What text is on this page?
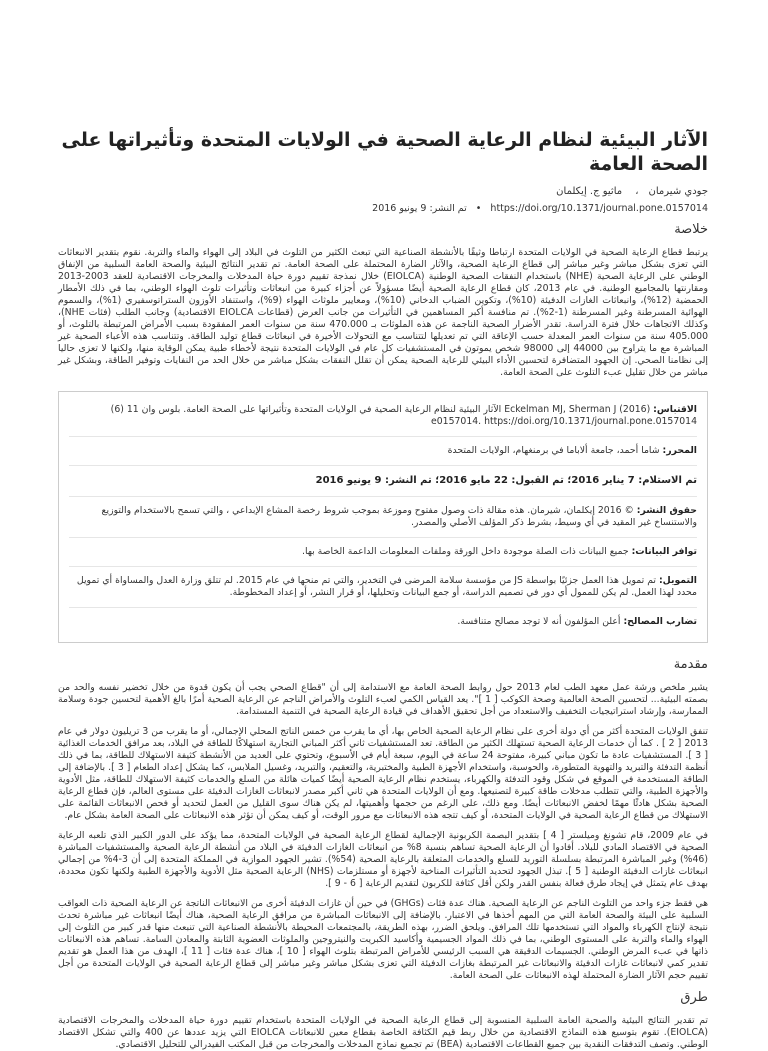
الآثار البيئية لنظام الرعاية الصحية في الولايات المتحدة وتأثيراتها على الصحة العامة
جودي شيرمان، ماثيو ج. إيكلمان
https://doi.org/10.1371/journal.pone.0157014 • تم النشر: 9 يونيو 2016
خلاصة

يرتبط قطاع الرعاية الصحية في الولايات المتحدة ارتباطا وثيقًا بالأنشطة الصناعية التي تبعث الكثير من التلوث في البلاد إلى الهواء والماء والتربة. نقوم بتقدير الانبعاثات التي تعزى بشكل مباشر وغير مباشر إلى قطاع الرعاية الصحية، والآثار الضارة المحتملة على الصحة العامة. تم تقدير النتائج البيئية والصحة العامة السلبية من الإنفاق الوطني على الرعاية الصحية (NHE) باستخدام النفقات الصحية الوطنية (EIOLCA) خلال نمذجة تقييم دورة حياة المدخلات والمخرجات الاقتصادية للعقد 2003-2013 ومقارنتها بالمجاميع الوطنية. في عام 2013، كان قطاع الرعاية الصحية أيضًا مسؤولاً عن أجزاء كبيرة من انبعاثات وتأثيرات تلوث الهواء الوطني، بما في ذلك الأمطار الحمضية (12%)، وانبعاثات الغازات الدفيئة (10%)، وتكوين الضباب الدخاني (10%)، ومعايير ملوثات الهواء (9%)، واستنفاد الأوزون الستراتوسفيري (1%)، والسموم الهوائية المسرطنة وغير المسرطنة (1-2%). تم منافسة أكبر المساهمين في التأثيرات من جانب العرض (قطاعات EIOLCA الاقتصادية) وجانب الطلب (فئات NHE)، وكذلك الاتجاهات خلال فترة الدراسة. تقدر الأضرار الصحية الناجمة عن هذه الملوثات بـ 470.000 سنة من سنوات العمر المفقودة بسبب الأمراض المرتبطة بالتلوث، أو 405.000 سنة من سنوات العمر المعدلة حسب الإعاقة التي تم تعديلها لتتناسب مع التحولات الأخيرة في انبعاثات قطاع توليد الطاقة. وتتناسب هذه الأعباء الصحية غير المباشرة مع ما يتراوح بين 44000 إلى 98000 شخص يموتون في المستشفيات كل عام في الولايات المتحدة نتيجة لأخطاء طبية يمكن الوقاية منها، ولكنها لا تعزى حاليا إلى نظامنا الصحي. إن الجهود المتضافرة لتحسين الأداء البيئي للرعاية الصحية يمكن أن تقلل النفقات بشكل مباشر من خلال الحد من النفايات وتوفير الطاقة، وبشكل غير مباشر من خلال تقليل عبء التلوث على الصحة العامة.

الاقتباس: Eckelman MJ, Sherman J (2016) الآثار البيئية لنظام الرعاية الصحية في الولايات المتحدة وتأثيراتها على الصحة العامة. بلوس وان 11 (6) e0157014. https://doi.org/10.1371/journal.pone.0157014
المحرر: شاما أحمد، جامعة ألاباما في برمنغهام، الولايات المتحدة
تم الاستلام: 7 يناير 2016؛ تم القبول: 22 مايو 2016؛ تم النشر: 9 يونيو 2016
حقوق النشر: © 2016 إيكلمان، شيرمان. هذه مقالة ذات وصول مفتوح وموزعة بموجب شروط رخصة المشاع الإبداعي ، والتي تسمح بالاستخدام والتوزيع والاستنساخ غير المقيد في أي وسيط، بشرط ذكر المؤلف الأصلي والمصدر.
توافر البيانات: جميع البيانات ذات الصلة موجودة داخل الورقة وملفات المعلومات الداعمة الخاصة بها.
التمويل: تم تمويل هذا العمل جزئيًا بواسطة JS من مؤسسة سلامة المرضى في التخدير، والتي تم منحها في عام 2015. لم تتلق وزارة العدل والمساواة أي تمويل محدد لهذا العمل. لم يكن للممول أي دور في تصميم الدراسة، أو جمع البيانات وتحليلها، أو قرار النشر، أو إعداد المخطوطة.
تضارب المصالح: أعلن المؤلفون أنه لا توجد مصالح متنافسة.
مقدمة

يشير ملخص ورشة عمل معهد الطب لعام 2013 حول روابط الصحة العامة مع الاستدامة إلى أن "قطاع الصحي يجب أن يكون قدوة من خلال تخضير نفسه والحد من بصمته البيئية... لتحسين الصحة العالمية وصحة الكوكب [ 1 ]". يعد القياس الكمي لعبء التلوث والأمراض الناجم عن الرعاية الصحية أمرًا بالغ الأهمية لتحسين جودة وسلامة الممارسة، وإرشاد استراتيجيات التخفيف والاستعداد من أجل تحقيق الأهداف في قيادة الرعاية الصحية في التنمية المستدامة.

تنفق الولايات المتحدة أكثر من أي دولة أخرى على نظام الرعاية الصحية الخاص بها، أي ما يقرب من خمس الناتج المحلي الإجمالي، أو ما يقرب من 3 تريليون دولار في عام 2013 [ 2 ] . كما أن خدمات الرعاية الصحية تستهلك الكثير من الطاقة. تعد المستشفيات ثاني أكثر المباني التجارية استهلاكًا للطاقة في البلاد، بعد مرافق الخدمات الغذائية [ 3 ]. المستشفيات عادة ما تكون مباني كبيرة، مفتوحة 24 ساعة في اليوم، سبعة أيام في الأسبوع، وتحتوي على العديد من الأنشطة كثيفة الاستهلاك للطاقة، بما في ذلك أنظمة التدفئة والتبريد والتهوية المتطورة، والحوسبة، واستخدام الأجهزة الطبية والمختبرية، والتعقيم، والتبريد، وغسيل الملابس، كما يشكل إعداد الطعام [ 3 ]. بالإضافة إلى الطاقة المستخدمة في الموقع في شكل وقود التدفئة والكهرباء، يستخدم نظام الرعاية الصحية أيضًا كميات هائلة من السلع والخدمات كثيفة الاستهلاك للطاقة، مثل الأدوية والأجهزة الطبية، والتي تتطلب مدخلات طاقة كبيرة لتصنيعها. ومع أن الولايات المتحدة هي ثاني أكبر مصدر لانبعاثات الغازات الدفيئة على مستوى العالم، فإن قطاع الرعاية الصحية بشكل هادئًا مهمًا لخفض الانبعاثات أيضًا. ومع ذلك، على الرغم من حجمها وأهميتها، لم يكن هناك سوى القليل من العمل لتحديد أو فحص الانبعاثات القائمة على الاستهلاك من قطاع الرعاية الصحية في الولايات المتحدة، أو كيف تتجه هذه الانبعاثات مع مرور الوقت، أو كيف يمكن أن تؤثر هذه الانبعاثات على الصحة العامة بشكل عام.

في عام 2009، قام تشونغ وميلستر [ 4 ] بتقدير البصمة الكربونية الإجمالية لقطاع الرعاية الصحية في الولايات المتحدة، مما يؤكد على الدور الكبير الذي تلعبه الرعاية الصحية في الاقتصاد المادي للبلاد. أفادوا أن الرعاية الصحية تساهم بنسبة 8% من انبعاثات الغازات الدفيئة في البلاد من أنشطة الرعاية الصحية والمستشفيات المباشرة (46%) وغير المباشرة المرتبطة بسلسلة التوريد للسلع والخدمات المتعلقة بالرعاية الصحية (54%). تشير الجهود الموازية في المملكة المتحدة إلى أن 3-4% من إجمالي انبعاثات غازات الدفيئة الوطنية [ 5 ]. تبذل الجهود لتحديد التأثيرات المناخية لأجهزة أو مستلزمات (NHS) الرعاية الصحية مثل الأدوية والأجهزة الطبية ولكنها تكون محددة، بهدف عام يتمثل في إيجاد طرق فعالة بنفس القدر ولكن أقل كثافة للكربون لتقديم الرعاية [ 6 - 9 ].

هي فقط جزء واحد من التلوث الناجم عن الرعاية الصحية. هناك عدة فئات (GHGs) في حين أن غازات الدفيئة أخرى من الانبعاثات الناتجة عن الرعاية الصحية ذات العواقب السلبية على البيئة والصحة العامة التي من المهم أخذها في الاعتبار. بالإضافة إلى الانبعاثات المباشرة من مرافق الرعاية الصحية، هناك أيضًا انبعاثات غير مباشرة تحدث نتيجة لإنتاج الكهرباء والمواد التي تستخدمها تلك المرافق. ويلحق الضرر، بهذه الطريقة، بالمجتمعات المحيطة بالأنشطة الصناعية التي تنبعث منها قدر كبير من التلوث إلى الهواء والماء والتربة على المستوى الوطني، بما في ذلك المواد الجسيمية وأكاسيد الكبريت والنيتروجين والملوثات العضوية الثابتة والمعادن السامة. تساهم هذه الانبعاثات ذاتها في عبء المرض الوطني. الجسيمات الدقيقة هي السبب الرئيسي للأمراض المرتبطة بتلوث الهواء [ 10 ]، هناك عدة فئات [ 11 ]، الهدف من هذا العمل هو تقديم تقدير كمي لانبعاثات غازات الدفيئة والانبعاثات غير المرتبطة بغازات الدفيئة التي تعزى بشكل مباشر وغير مباشر إلى قطاع الرعاية الصحية في الولايات المتحدة من أجل تقييم حجم الآثار الضارة المحتملة لهذه الانبعاثات على الصحة العامة.

طرق

تم تقدير النتائج البيئية والصحية العامة السلبية المنسوبة إلى قطاع الرعاية الصحية في الولايات المتحدة باستخدام تقييم دورة حياة المدخلات والمخرجات الاقتصادية (EIOLCA). تقوم بتوسيع هذه النماذج الاقتصادية من خلال ربط قيم الكثافة الخاصة بقطاع معين للانبعاثات EIOLCA التي يزيد عددها عن 400 والتي تشكل الاقتصاد الوطني. وتصف التدفقات النقدية بين جميع القطاعات الاقتصادية (BEA) تم تجميع نماذج المدخلات والمخرجات من قبل المكتب الفيدرالي للتحليل الاقتصادي.
